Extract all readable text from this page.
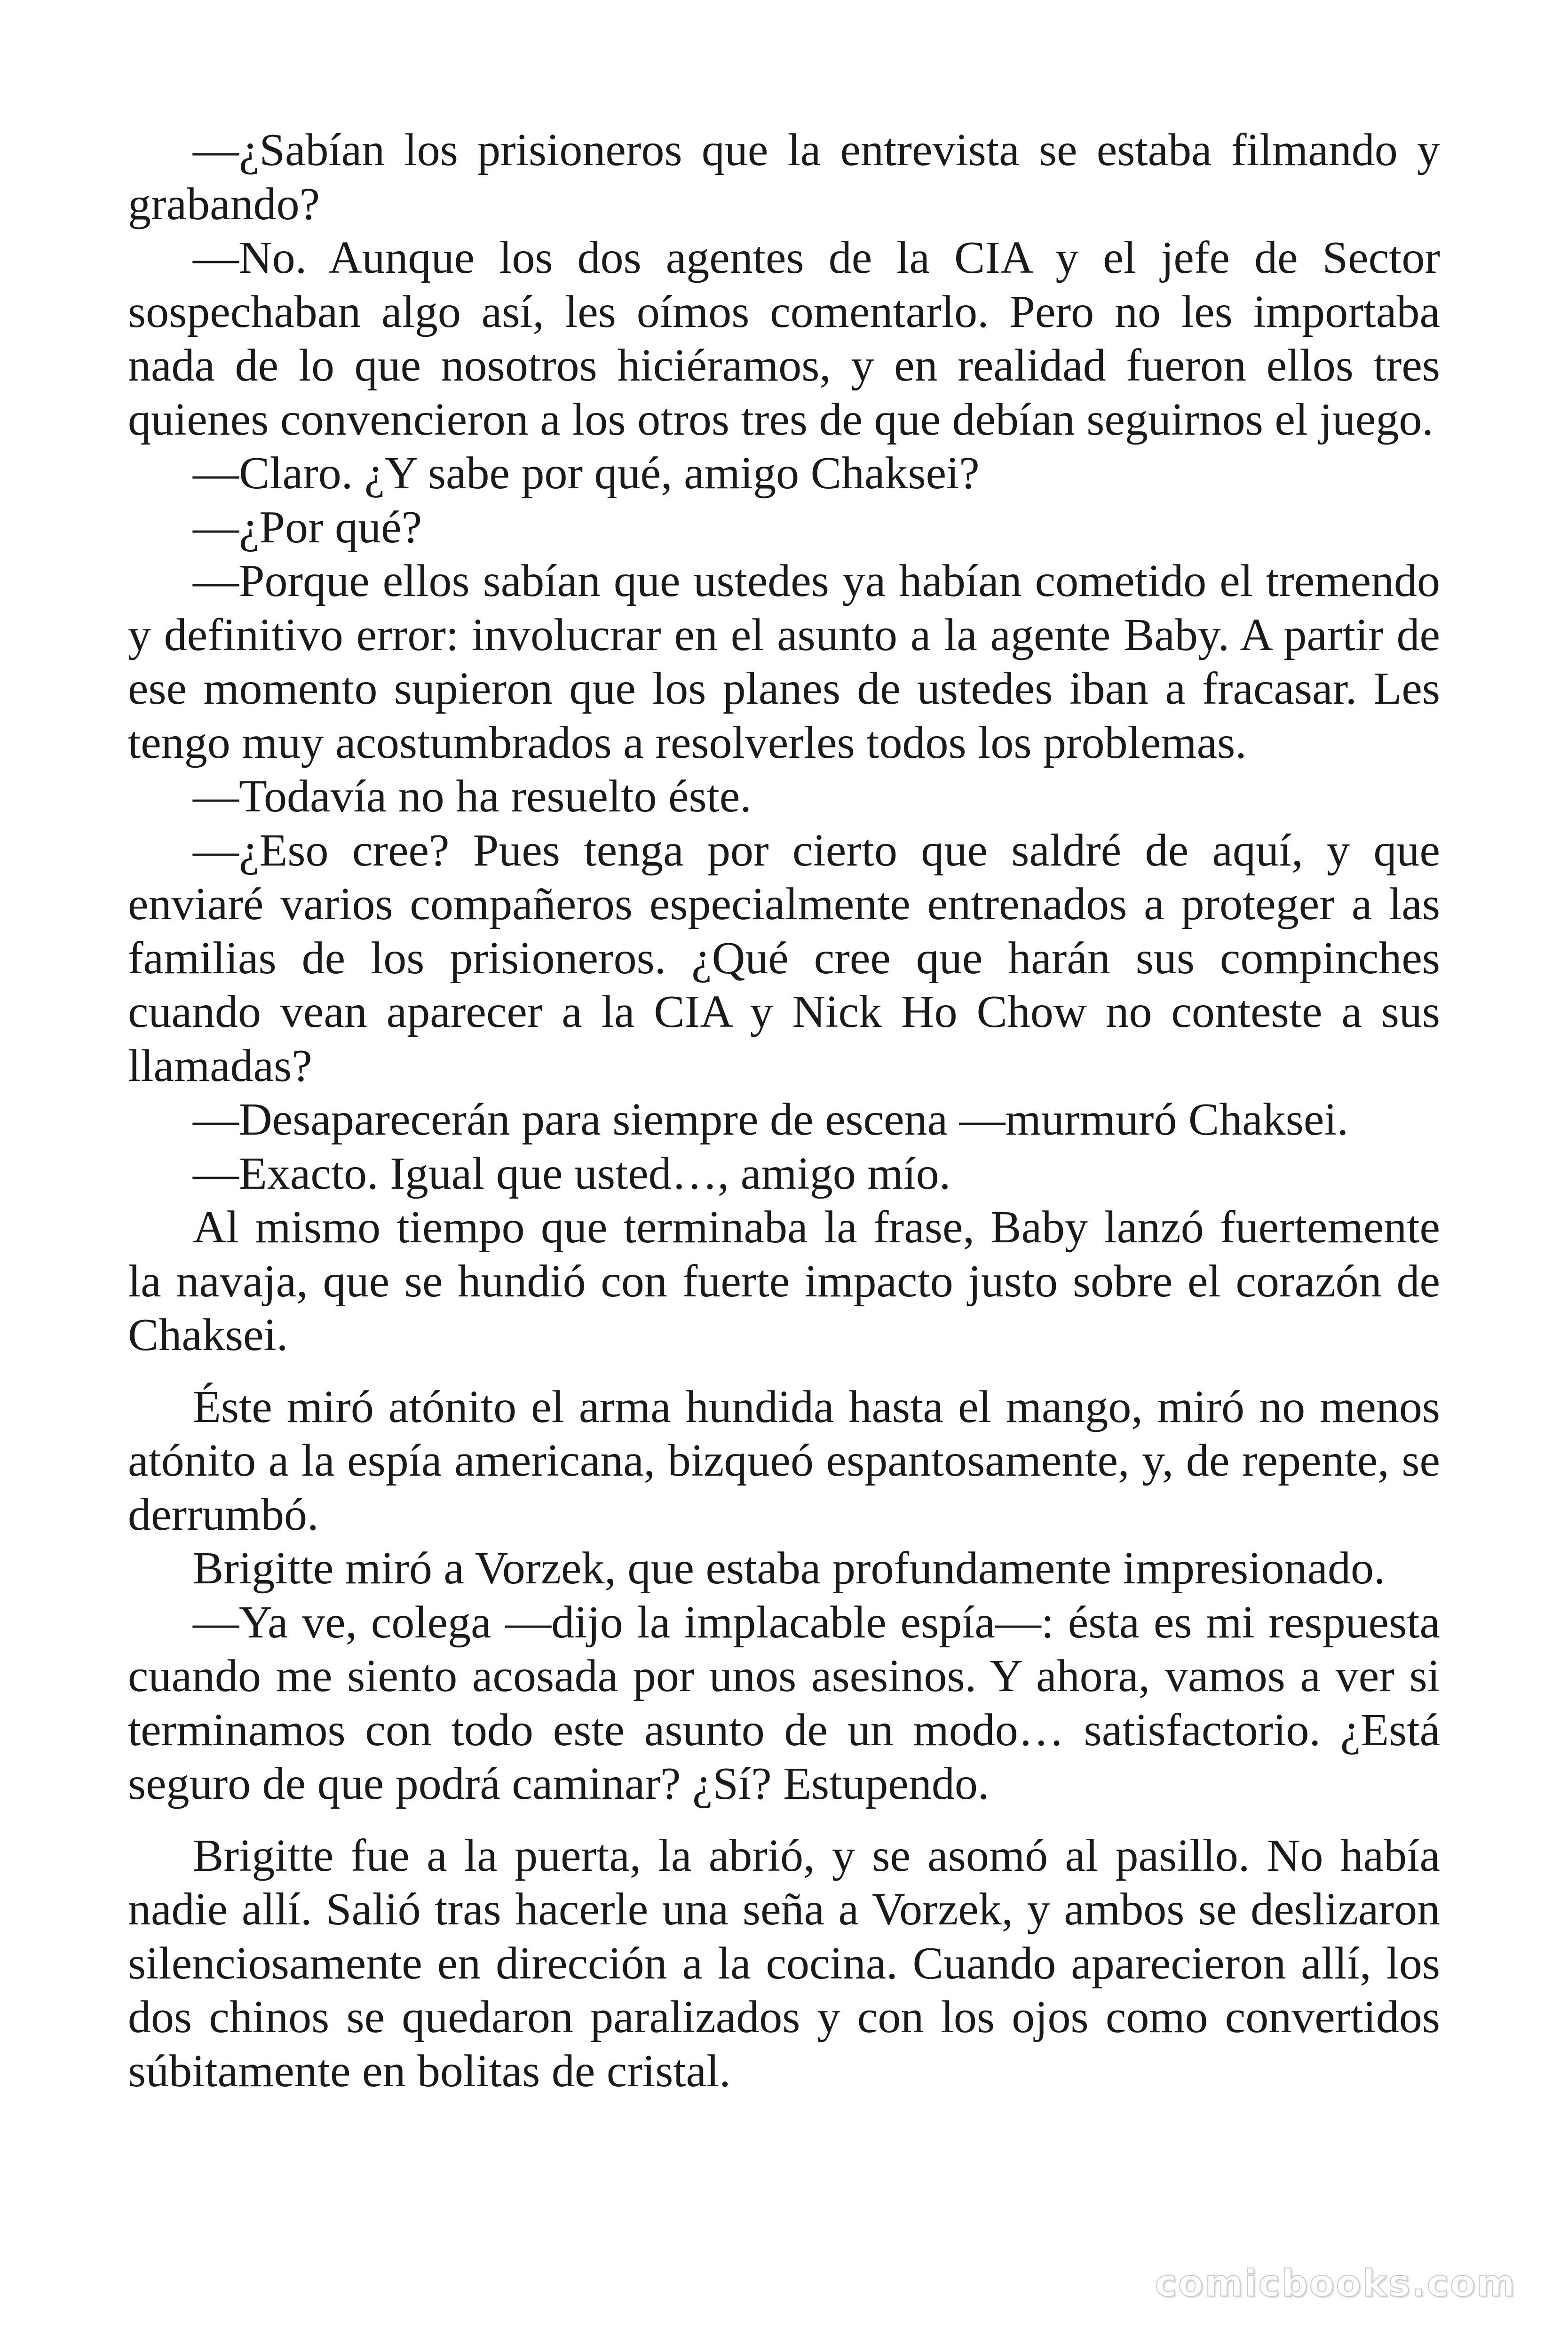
—¿Sabían los prisioneros que la entrevista se estaba filmando y grabando?

—No. Aunque los dos agentes de la CIA y el jefe de Sector sospechaban algo así, les oímos comentarlo. Pero no les importaba nada de lo que nosotros hiciéramos, y en realidad fueron ellos tres quienes convencieron a los otros tres de que debían seguirnos el juego.

—Claro. ¿Y sabe por qué, amigo Chaksei?

—¿Por qué?

—Porque ellos sabían que ustedes ya habían cometido el tremendo y definitivo error: involucrar en el asunto a la agente Baby. A partir de ese momento supieron que los planes de ustedes iban a fracasar. Les tengo muy acostumbrados a resolverles todos los problemas.

—Todavía no ha resuelto éste.

—¿Eso cree? Pues tenga por cierto que saldré de aquí, y que enviaré varios compañeros especialmente entrenados a proteger a las familias de los prisioneros. ¿Qué cree que harán sus compinches cuando vean aparecer a la CIA y Nick Ho Chow no conteste a sus llamadas?

—Desaparecerán para siempre de escena —murmuró Chaksei.

—Exacto. Igual que usted…, amigo mío.

Al mismo tiempo que terminaba la frase, Baby lanzó fuertemente la navaja, que se hundió con fuerte impacto justo sobre el corazón de Chaksei.

Éste miró atónito el arma hundida hasta el mango, miró no menos atónito a la espía americana, bizqueó espantosamente, y, de repente, se derrumbó.

Brigitte miró a Vorzek, que estaba profundamente impresionado.

—Ya ve, colega —dijo la implacable espía—: ésta es mi respuesta cuando me siento acosada por unos asesinos. Y ahora, vamos a ver si terminamos con todo este asunto de un modo… satisfactorio. ¿Está seguro de que podrá caminar? ¿Sí? Estupendo.

Brigitte fue a la puerta, la abrió, y se asomó al pasillo. No había nadie allí. Salió tras hacerle una seña a Vorzek, y ambos se deslizaron silenciosamente en dirección a la cocina. Cuando aparecieron allí, los dos chinos se quedaron paralizados y con los ojos como convertidos súbitamente en bolitas de cristal.

comicbooks.com
